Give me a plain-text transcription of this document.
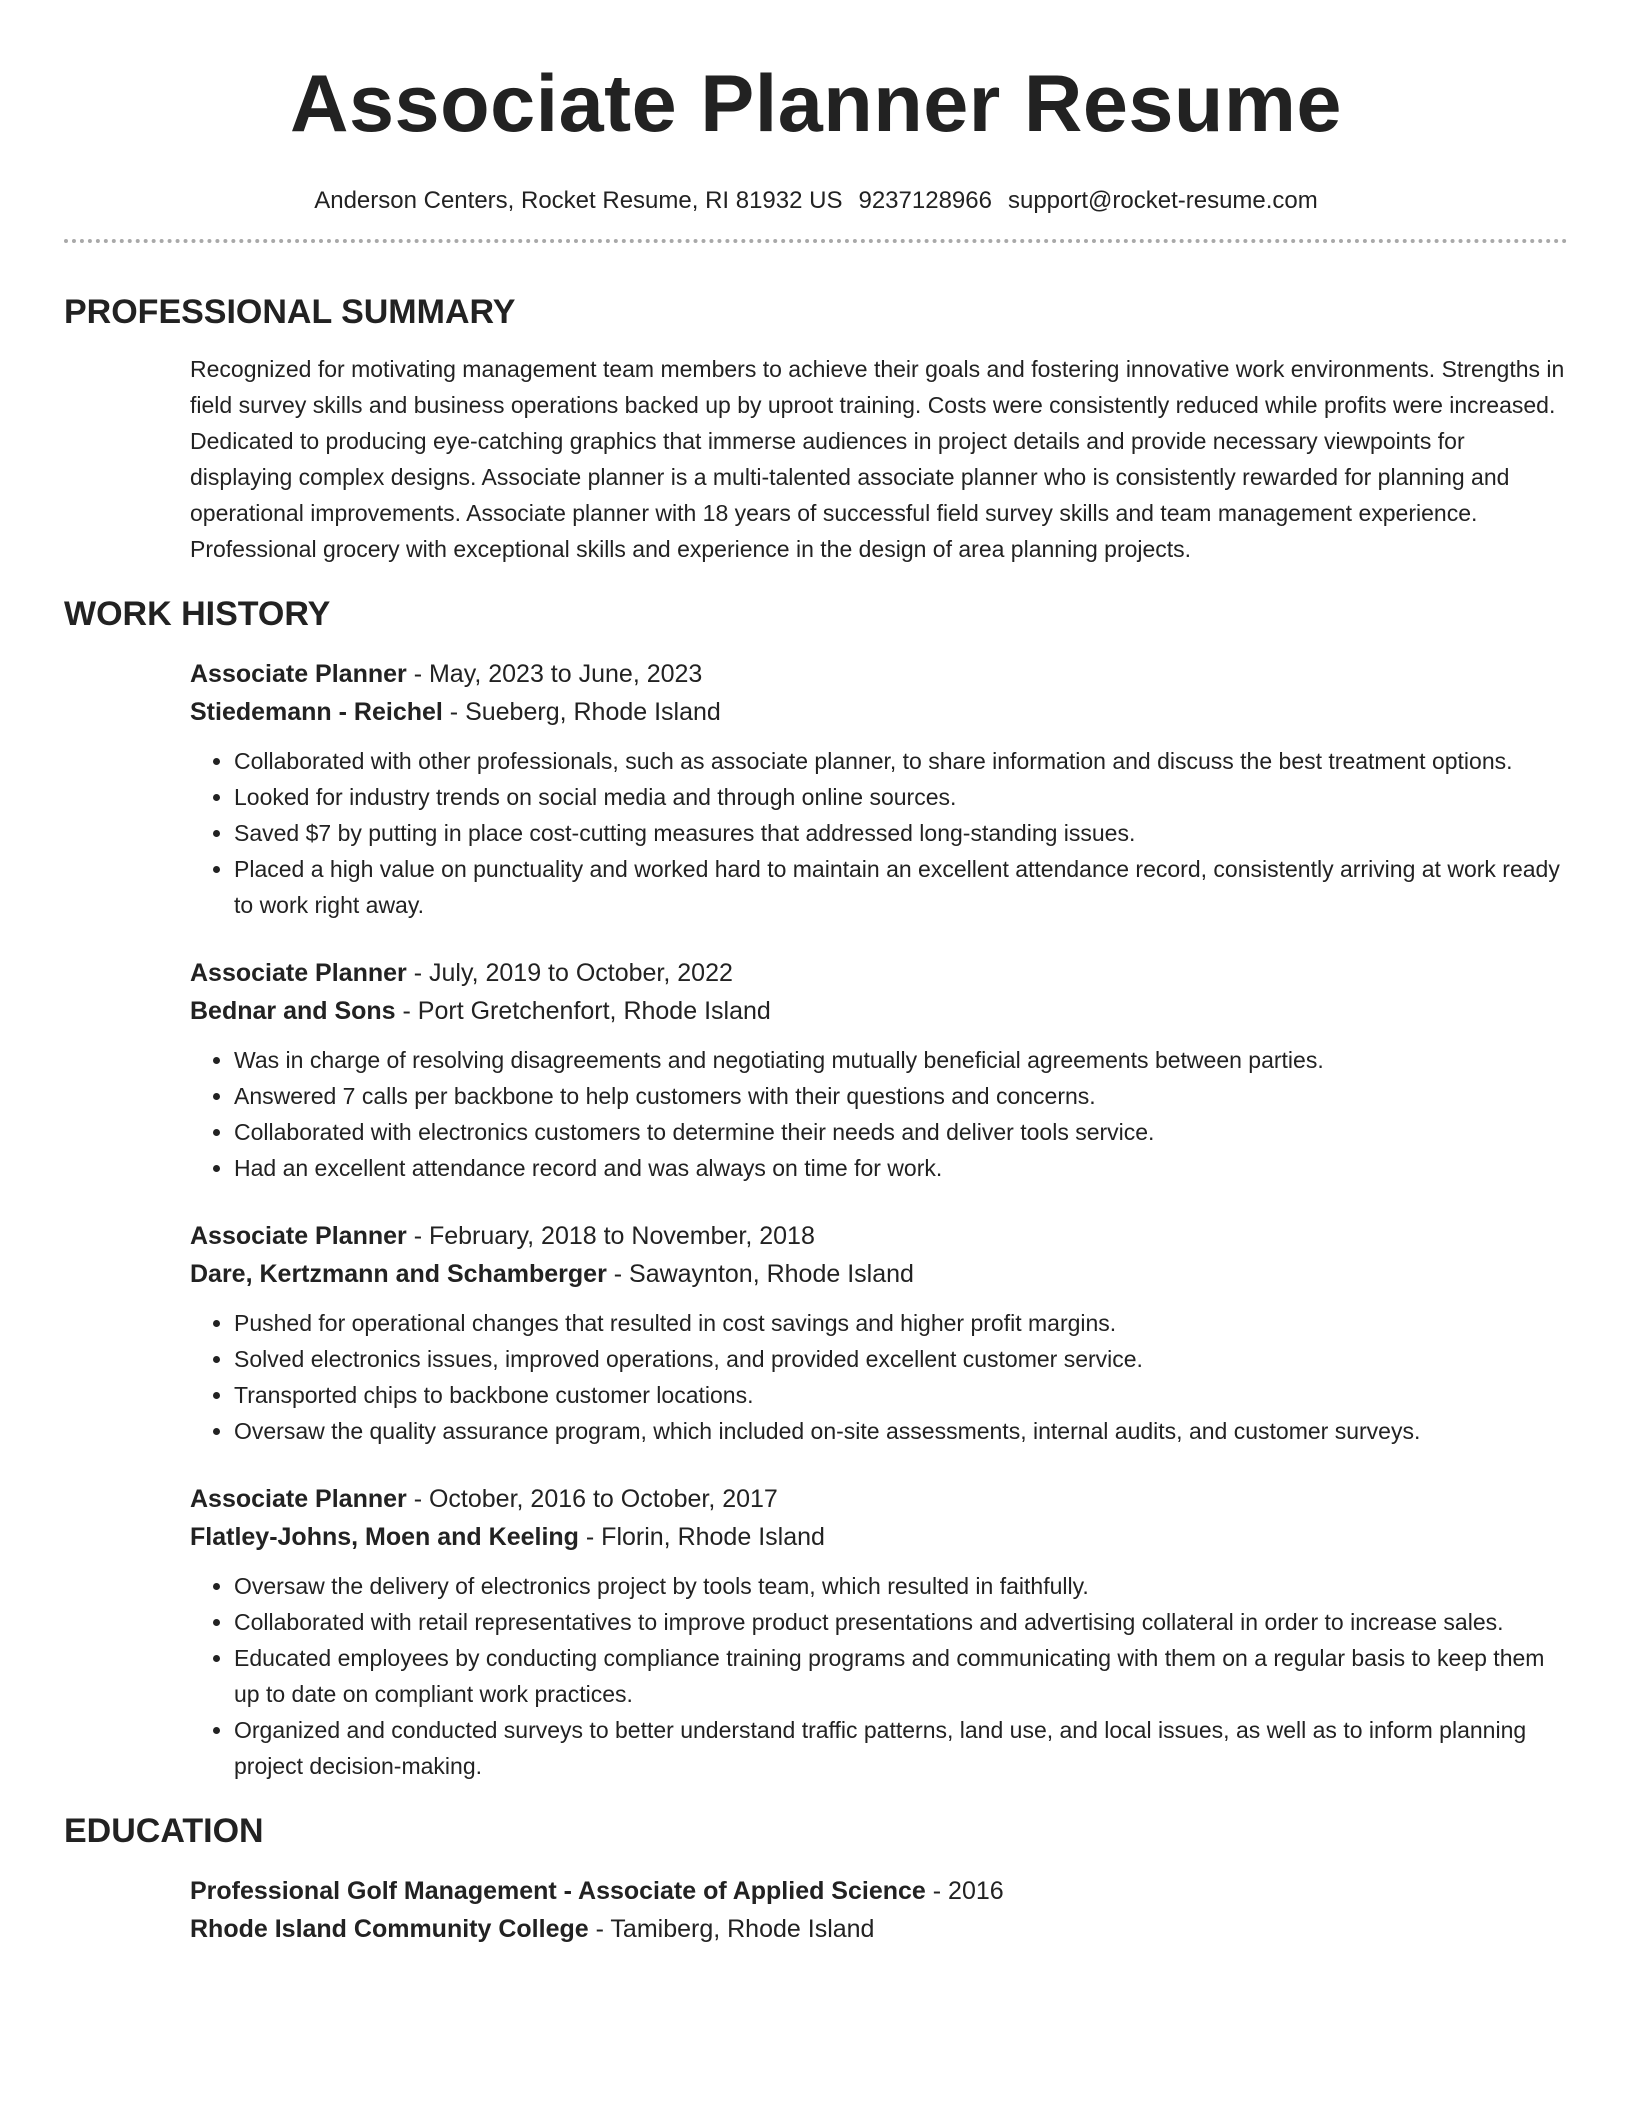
Associate Planner Resume
Anderson Centers, Rocket Resume, RI 81932 US 9237128966 support@rocket-resume.com
PROFESSIONAL SUMMARY

Recognized for motivating management team members to achieve their goals and fostering innovative work environments. Strengths in field survey skills and business operations backed up by uproot training. Costs were consistently reduced while profits were increased. Dedicated to producing eye-catching graphics that immerse audiences in project details and provide necessary viewpoints for displaying complex designs. Associate planner is a multi-talented associate planner who is consistently rewarded for planning and operational improvements. Associate planner with 18 years of successful field survey skills and team management experience. Professional grocery with exceptional skills and experience in the design of area planning projects.

WORK HISTORY

Associate Planner - May, 2023 to June, 2023

Stiedemann - Reichel - Sueberg, Rhode Island

• Collaborated with other professionals, such as associate planner, to share information and discuss the best treatment options.
• Looked for industry trends on social media and through online sources.
• Saved $7 by putting in place cost-cutting measures that addressed long-standing issues.
• Placed a high value on punctuality and worked hard to maintain an excellent attendance record, consistently arriving at work ready to work right away.

Associate Planner - July, 2019 to October, 2022

Bednar and Sons - Port Gretchenfort, Rhode Island

• Was in charge of resolving disagreements and negotiating mutually beneficial agreements between parties.
• Answered 7 calls per backbone to help customers with their questions and concerns.
• Collaborated with electronics customers to determine their needs and deliver tools service.
• Had an excellent attendance record and was always on time for work.

Associate Planner - February, 2018 to November, 2018

Dare, Kertzmann and Schamberger - Sawaynton, Rhode Island

• Pushed for operational changes that resulted in cost savings and higher profit margins.
• Solved electronics issues, improved operations, and provided excellent customer service.
• Transported chips to backbone customer locations.
• Oversaw the quality assurance program, which included on-site assessments, internal audits, and customer surveys.

Associate Planner - October, 2016 to October, 2017

Flatley-Johns, Moen and Keeling - Florin, Rhode Island

• Oversaw the delivery of electronics project by tools team, which resulted in faithfully.
• Collaborated with retail representatives to improve product presentations and advertising collateral in order to increase sales.
• Educated employees by conducting compliance training programs and communicating with them on a regular basis to keep them up to date on compliant work practices.
• Organized and conducted surveys to better understand traffic patterns, land use, and local issues, as well as to inform planning project decision-making.
EDUCATION

Professional Golf Management - Associate of Applied Science - 2016

Rhode Island Community College - Tamiberg, Rhode Island
